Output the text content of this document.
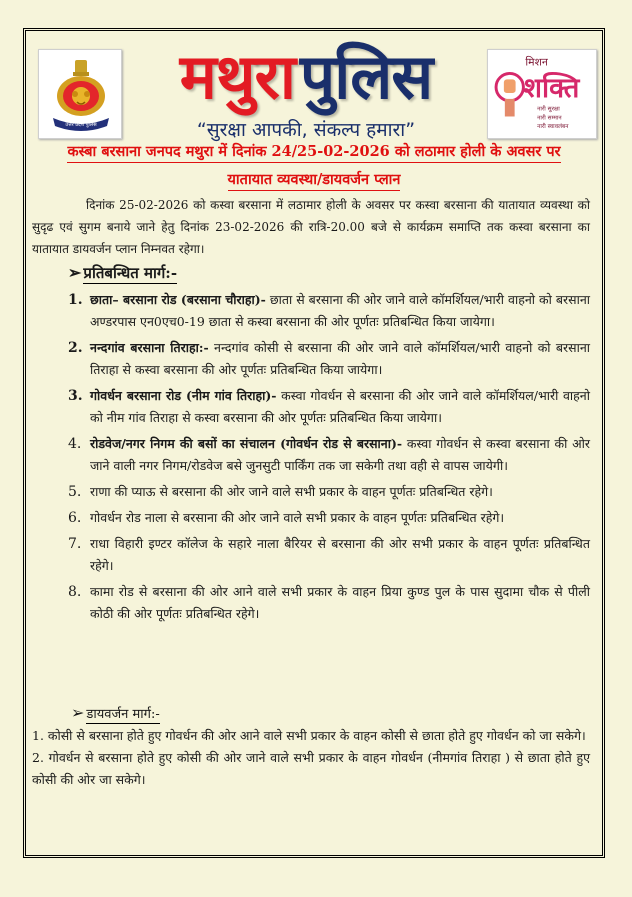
उत्तर प्रदेश पुलिस
मथुरा पुलिस
“सुरक्षा आपकी, संकल्प हमारा”
मिशन
शक्ति
नारी सुरक्षा
नारी सम्मान
नारी स्वावलंबन
कस्बा बरसाना जनपद मथुरा में दिनांक 24/25-02-2026 को लठामार होली के अवसर पर
यातायात व्यवस्था/डायवर्जन प्लान
दिनांक 25-02-2026 को कस्वा बरसाना में लठामार होली के अवसर पर कस्वा बरसाना की यातायात व्यवस्था को सुदृढ एवं सुगम बनाये जाने हेतु दिनांक 23-02-2026 की रात्रि-20.00 बजे से कार्यक्रम समाप्ति तक कस्वा बरसाना का यातायात डायवर्जन प्लान निम्नवत रहेगा।
➢ प्रतिबन्धित मार्ग:-
1. छाता– बरसाना रोड (बरसाना चौराहा)- छाता से बरसाना की ओर जाने वाले कॉमर्शियल/भारी वाहनो को बरसाना अण्डरपास एन0एच0-19 छाता से कस्वा बरसाना की ओर पूर्णतः प्रतिबन्धित किया जायेगा।
2. नन्दगांव बरसाना तिराहा:- नन्दगांव कोसी से बरसाना की ओर जाने वाले कॉमर्शियल/भारी वाहनो को बरसाना तिराहा से कस्वा बरसाना की ओर पूर्णतः प्रतिबन्धित किया जायेगा।
3. गोवर्धन बरसाना रोड (नीम गांव तिराहा)- कस्वा गोवर्धन से बरसाना की ओर जाने वाले कॉमर्शियल/भारी वाहनो को नीम गांव तिराहा से कस्वा बरसाना की ओर पूर्णतः प्रतिबन्धित किया जायेगा।
4. रोडवेज/नगर निगम की बसों का संचालन (गोवर्धन रोड से बरसाना)- कस्वा गोवर्धन से कस्वा बरसाना की ओर जाने वाली नगर निगम/रोडवेज बसे जुनसुटी पार्किंग तक जा सकेगी तथा वही से वापस जायेगी।
5. राणा की प्याऊ से बरसाना की ओर जाने वाले सभी प्रकार के वाहन पूर्णतः प्रतिबन्धित रहेगे।
6. गोवर्धन रोड नाला से बरसाना की ओर जाने वाले सभी प्रकार के वाहन पूर्णतः प्रतिबन्धित रहेगे।
7. राधा विहारी इण्टर कॉलेज के सहारे नाला बैरियर से बरसाना की ओर सभी प्रकार के वाहन पूर्णतः प्रतिबन्धित रहेगे।
8. कामा रोड से बरसाना की ओर आने वाले सभी प्रकार के वाहन प्रिया कुण्ड पुल के पास सुदामा चौक से पीली कोठी की ओर पूर्णतः प्रतिबन्धित रहेगे।
➢ डायवर्जन मार्ग:-
1. कोसी से बरसाना होते हुए गोवर्धन की ओर आने वाले सभी प्रकार के वाहन कोसी से छाता होते हुए गोवर्धन को जा सकेगे।
2. गोवर्धन से बरसाना होते हुए कोसी की ओर जाने वाले सभी प्रकार के वाहन गोवर्धन (नीमगांव तिराहा ) से छाता होते हुए कोसी की ओर जा सकेगे।
